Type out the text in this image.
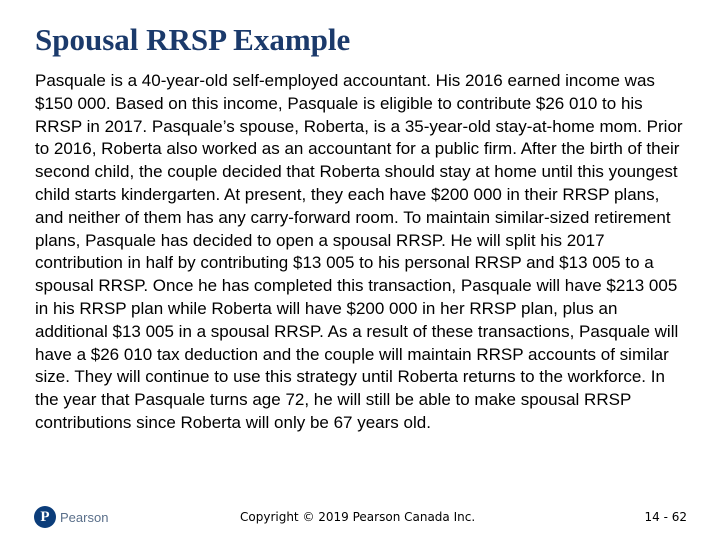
Spousal RRSP Example

Pasquale is a 40-year-old self-employed accountant. His 2016 earned income was $150 000. Based on this income, Pasquale is eligible to contribute $26 010 to his RRSP in 2017. Pasquale’s spouse, Roberta, is a 35-year-old stay-at-home mom. Prior to 2016, Roberta also worked as an accountant for a public firm. After the birth of their second child, the couple decided that Roberta should stay at home until this youngest child starts kindergarten. At present, they each have $200 000 in their RRSP plans, and neither of them has any carry-forward room. To maintain similar-sized retirement plans, Pasquale has decided to open a spousal RRSP. He will split his 2017 contribution in half by contributing $13 005 to his personal RRSP and $13 005 to a spousal RRSP. Once he has completed this transaction, Pasquale will have $213 005 in his RRSP plan while Roberta will have $200 000 in her RRSP plan, plus an additional $13 005 in a spousal RRSP. As a result of these transactions, Pasquale will have a $26 010 tax deduction and the couple will maintain RRSP accounts of similar size. They will continue to use this strategy until Roberta returns to the workforce. In the year that Pasquale turns age 72, he will still be able to make spousal RRSP contributions since Roberta will only be 67 years old.

P Pearson	Copyright © 2019 Pearson Canada Inc.	14 - 62
